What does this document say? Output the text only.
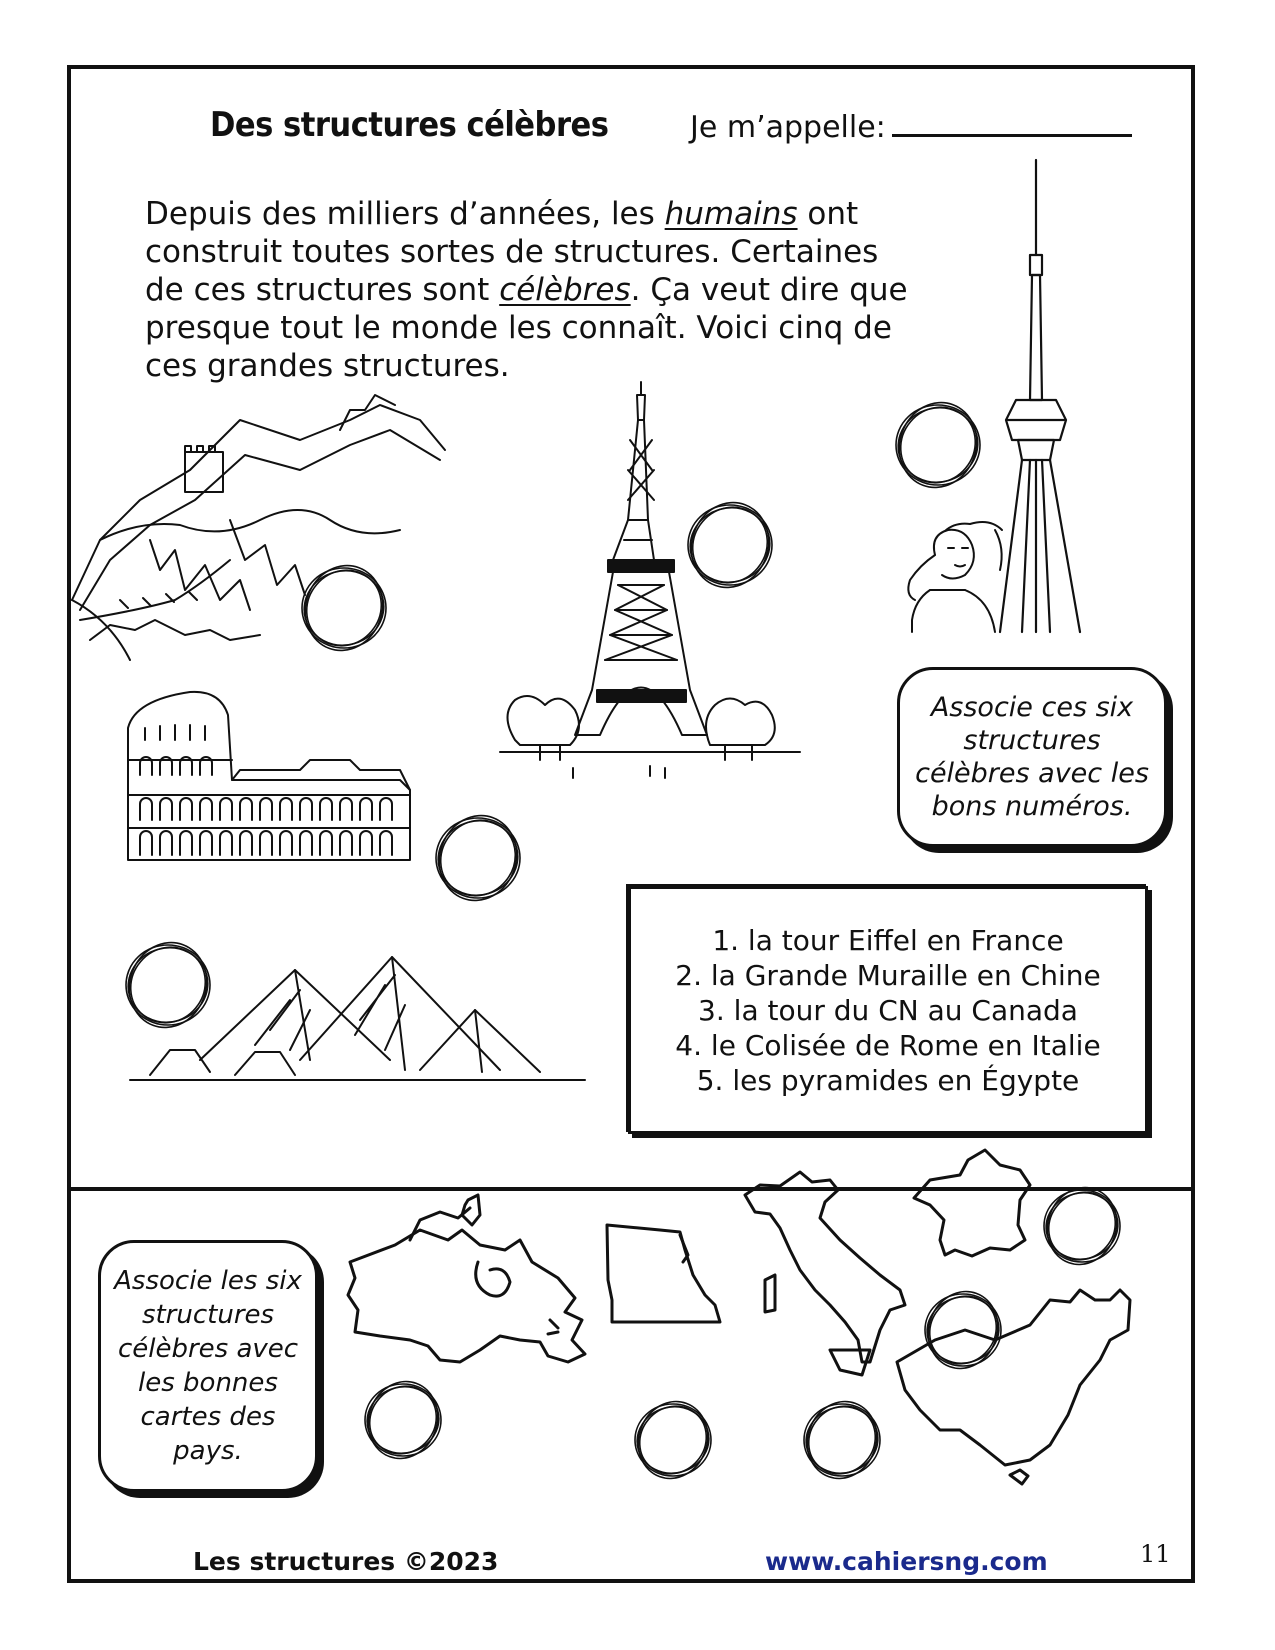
Des structures célèbres	Je m’appelle:
Depuis des milliers d’années, les humains ont construit toutes sortes de structures. Certaines de ces structures sont célèbres. Ça veut dire que presque tout le monde les connaît. Voici cinq de ces grandes structures.
Associe ces six structures célèbres avec les bons numéros.
1. la tour Eiffel en France
2. la Grande Muraille en Chine
3. la tour du CN au Canada
4. le Colisée de Rome en Italie
5. les pyramides en Égypte
Associe les six structures célèbres avec les bonnes cartes des pays.
Les structures ©2023	www.cahiersng.com	11
